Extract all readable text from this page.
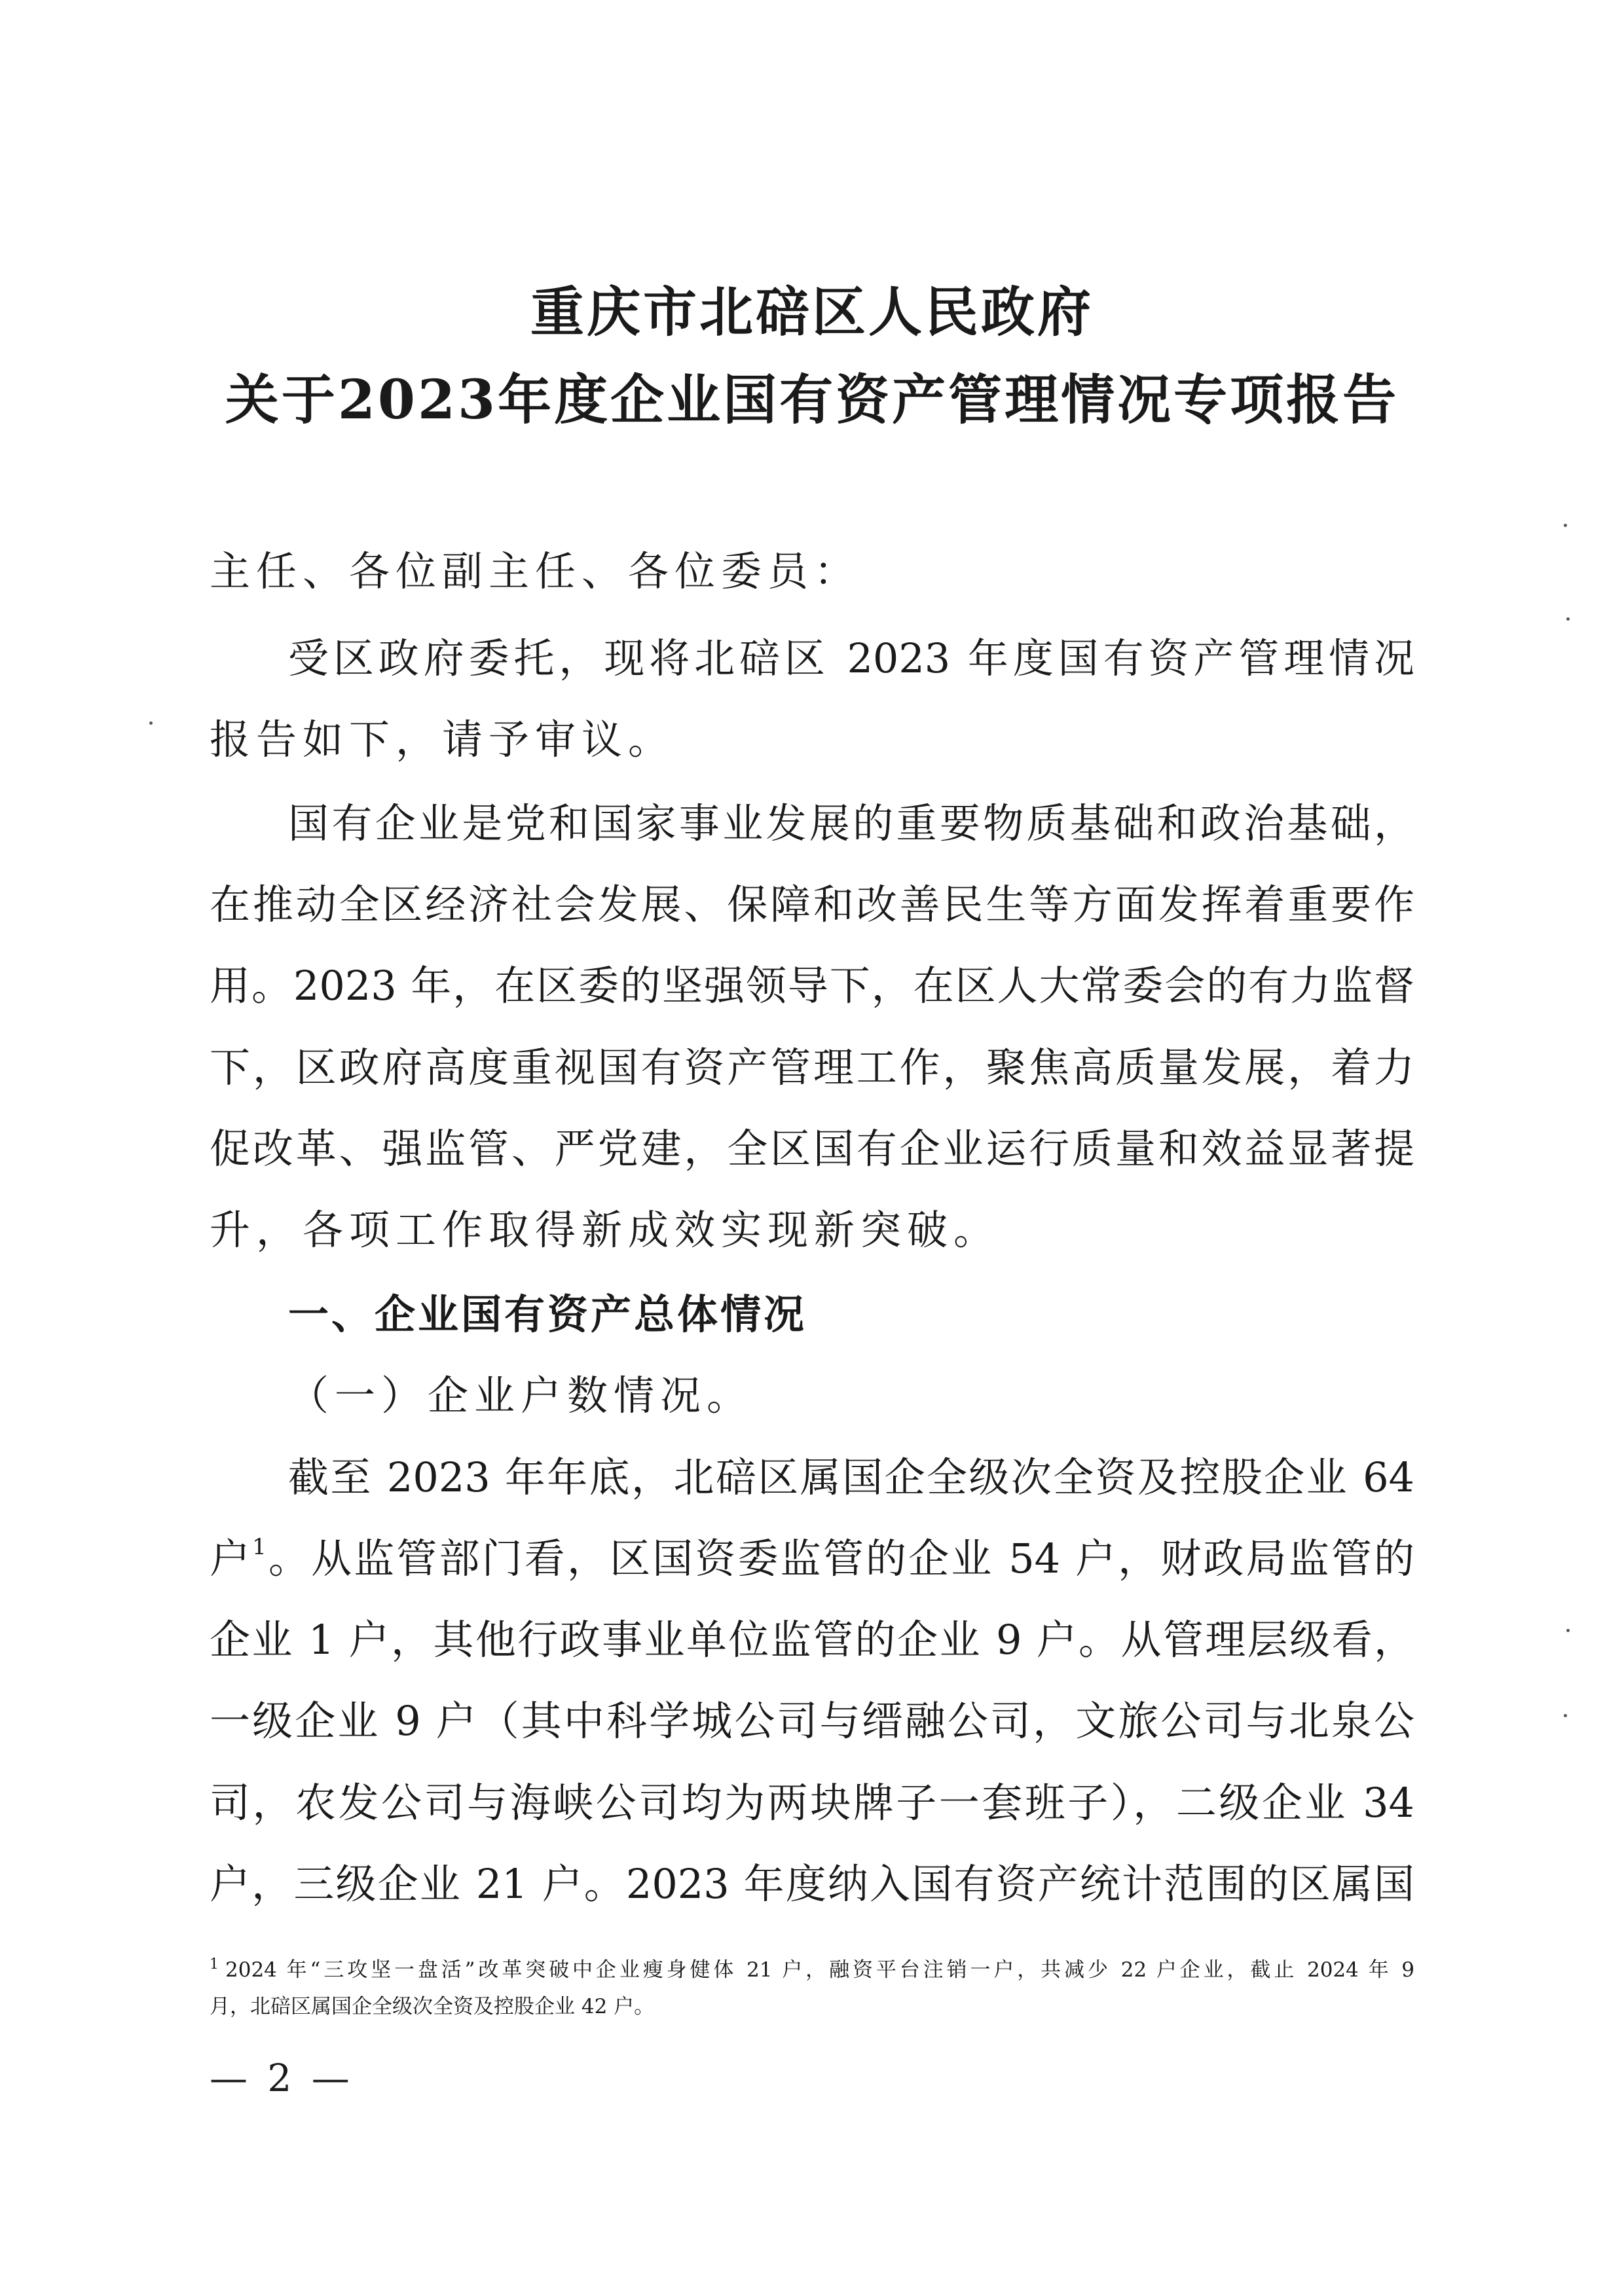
重庆市北碚区人民政府
关于2023年度企业国有资产管理情况专项报告
主任、各位副主任、各位委员：
受区政府委托，现将北碚区 2023 年度国有资产管理情况
报告如下，请予审议。
国有企业是党和国家事业发展的重要物质基础和政治基础，
在推动全区经济社会发展、保障和改善民生等方面发挥着重要作
用。2023 年，在区委的坚强领导下，在区人大常委会的有力监督
下，区政府高度重视国有资产管理工作，聚焦高质量发展，着力
促改革、强监管、严党建，全区国有企业运行质量和效益显著提
升，各项工作取得新成效实现新突破。
一、企业国有资产总体情况
（一）企业户数情况。
截至 2023 年年底，北碚区属国企全级次全资及控股企业 64
户$^1$。从监管部门看，区国资委监管的企业 54 户，财政局监管的
企业 1 户，其他行政事业单位监管的企业 9 户。从管理层级看，
一级企业 9 户（其中科学城公司与缙融公司，文旅公司与北泉公
司，农发公司与海峡公司均为两块牌子一套班子），二级企业 34
户，三级企业 21 户。2023 年度纳入国有资产统计范围的区属国
$^1$ 2024 年“三攻坚一盘活”改革突破中企业瘦身健体 21 户，融资平台注销一户，共减少 22 户企业，截止 2024 年 9
月，北碚区属国企全级次全资及控股企业 42 户。
— 2 —
